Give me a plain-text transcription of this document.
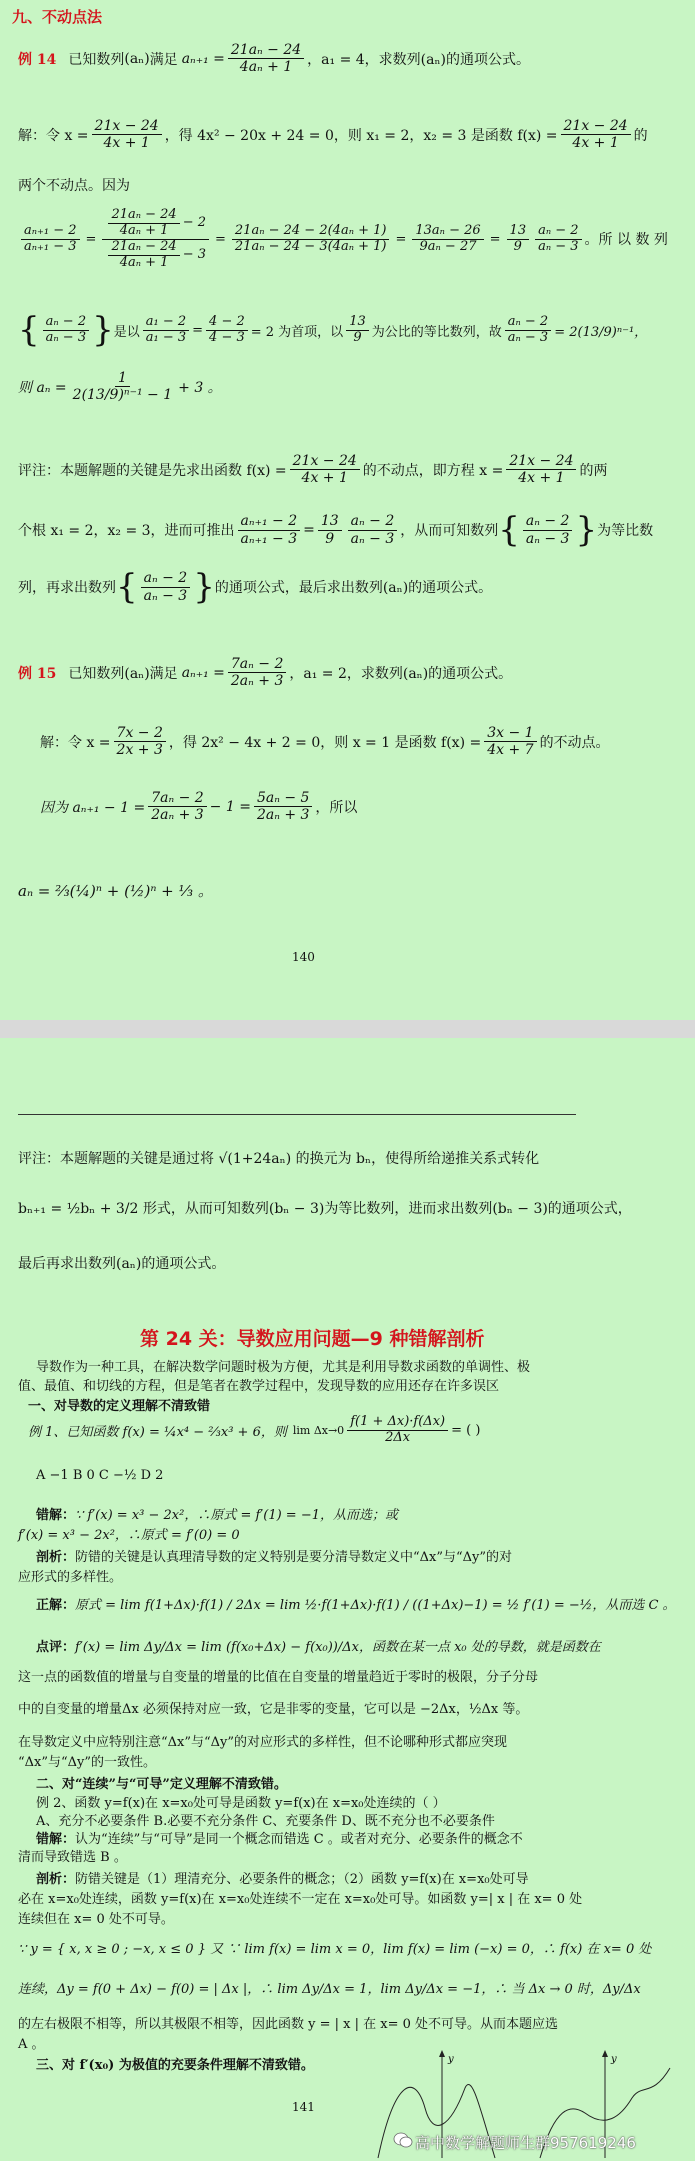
九、不动点法
例 14 已知数列 (aₙ) 满足 $a_{n+1} = \frac{\text{21aₙ − 24}}{\text{4aₙ + 1}}$ ，a₁ = 4，求数列(aₙ)的通项公式。
解：令 $x = \frac{21x - 24}{4x + 1}$ ，得 4x² − 20x + 24 = 0，则 x₁ = 2，x₂ = 3 是函数 $f(x) = \frac{21x - 24}{4x + 1}$ 的
两个不动点。因为
$\frac{\text{aₙ₊₁ − 2}}{\text{aₙ₊₁ − 3}} = \frac{\frac{\text{21aₙ − 24}}{\text{4aₙ + 1}} - 2}{\frac{\text{21aₙ − 24}}{\text{4aₙ + 1}} - 3} = \frac{\text{21aₙ − 24 − 2(4aₙ + 1)}}{\text{21aₙ − 24 − 3(4aₙ + 1)}} = \frac{\text{13aₙ − 26}}{\text{9aₙ − 27}} = \frac{13}{9} \frac{\text{aₙ − 2}}{\text{aₙ − 3}}$ 。所 以 数 列
{ $\frac{\text{aₙ − 2}}{\text{aₙ − 3}}$ } 是以 $\frac{\text{a₁ − 2}}{\text{a₁ − 3}} = \frac{4 - 2}{4 - 3} = 2$ 为首项，以 $\frac{13}{9}$ 为公比的等比数列，故 $\frac{\text{aₙ − 2}}{\text{aₙ − 3}} = 2(13/9)^{n-1}$，
则 $a_n = \frac{1}{\text{2(13/9)ⁿ⁻¹ − 1}} + 3$ 。
评注：本题解题的关键是先求出函数 $f(x) = \frac{21x - 24}{4x + 1}$ 的不动点，即方程 $x = \frac{21x - 24}{4x + 1}$ 的两
个根 x₁ = 2，x₂ = 3，进而可推出 $\frac{\text{aₙ₊₁ − 2}}{\text{aₙ₊₁ − 3}} = \frac{13}{9} \frac{\text{aₙ − 2}}{\text{aₙ − 3}}$ ，从而可知数列 { $\frac{\text{aₙ − 2}}{\text{aₙ − 3}}$ } 为等比数
列，再求出数列 { $\frac{\text{aₙ − 2}}{\text{aₙ − 3}}$ } 的通项公式，最后求出数列(aₙ)的通项公式。
例 15 已知数列(aₙ)满足 $a_{n+1} = \frac{\text{7aₙ − 2}}{\text{2aₙ + 3}}$ ，a₁ = 2，求数列(aₙ)的通项公式。
解：令 $x = \frac{7x - 2}{2x + 3}$ ，得 2x² − 4x + 2 = 0，则 x = 1 是函数 $f(x) = \frac{3x - 1}{4x + 7}$ 的不动点。
因为 $a_{n+1} - 1 = \frac{\text{7aₙ − 2}}{\text{2aₙ + 3}} - 1 = \frac{\text{5aₙ − 5}}{\text{2aₙ + 3}}$ ，所以
aₙ = ⅔(¼)ⁿ + (½)ⁿ + ⅓ 。
140
评注：本题解题的关键是通过将 √(1+24aₙ) 的换元为 bₙ，使得所给递推关系式转化
bₙ₊₁ = ½bₙ + 3/2 形式，从而可知数列(bₙ − 3)为等比数列，进而求出数列(bₙ − 3)的通项公式，
最后再求出数列(aₙ)的通项公式。
第 24 关：导数应用问题—9 种错解剖析
导数作为一种工具，在解决数学问题时极为方便，尤其是利用导数求函数的单调性、极
值、最值、和切线的方程，但是笔者在教学过程中，发现导数的应用还存在许多误区
一、对导数的定义理解不清致错
例 1、已知函数 f(x) = ¼x⁴ − ⅔x³ + 6，则 $\lim \Delta x\to 0 \frac{f(1 + \Delta x)\cdot f(\Delta x)}{2\Delta x}$ = ( )
A −1 B 0 C −½ D 2
错解：∵ f′(x) = x³ − 2x²，∴原式 = f′(1) = −1，从而选；或
f′(x) = x³ − 2x²，∴原式 = f′(0) = 0
剖析：防错的关键是认真理清导数的定义特别是要分清导数定义中“Δx”与“Δy”的对
应形式的多样性。
正解：原式 = lim f(1+Δx)·f(1) / 2Δx = lim ½·f(1+Δx)·f(1) / ((1+Δx)−1) = ½ f′(1) = −½，从而选 C 。
点评：f′(x) = lim Δy/Δx = lim (f(x₀+Δx) − f(x₀))/Δx，函数在某一点 x₀ 处的导数，就是函数在
这一点的函数值的增量与自变量的增量的比值在自变量的增量趋近于零时的极限，分子分母
中的自变量的增量Δx 必须保持对应一致，它是非零的变量，它可以是 −2Δx，½Δx 等。
在导数定义中应特别注意“Δx”与“Δy”的对应形式的多样性，但不论哪种形式都应突现
“Δx”与“Δy”的一致性。
二、对“连续”与“可导”定义理解不清致错。
例 2、函数 y=f(x)在 x=x₀处可导是函数 y=f(x)在 x=x₀处连续的（ ）
A、充分不必要条件 B.必要不充分条件 C、充要条件 D、既不充分也不必要条件
错解：认为“连续”与“可导”是同一个概念而错选 C 。或者对充分、必要条件的概念不
清而导致错选 B 。
剖析：防错关键是（1）理清充分、必要条件的概念；（2）函数 y=f(x)在 x=x₀处可导
必在 x=x₀处连续，函数 y=f(x)在 x=x₀处连续不一定在 x=x₀处可导。如函数 y=| x | 在 x= 0 处
连续但在 x= 0 处不可导。
∵ y = { x, x ≥ 0 ; −x, x ≤ 0 } 又 ∵ lim f(x) = lim x = 0，lim f(x) = lim (−x) = 0，∴ f(x) 在 x= 0 处
连续，Δy = f(0 + Δx) − f(0) = | Δx |，∴ lim Δy/Δx = 1，lim Δy/Δx = −1，∴ 当 Δx → 0 时，Δy/Δx
的左右极限不相等，所以其极限不相等，因此函数 y = | x | 在 x= 0 处不可导。从而本题应选
A 。
三、对 f′(x₀) 为极值的充要条件理解不清致错。	y	y
141
高中数学解题师生群957619246
